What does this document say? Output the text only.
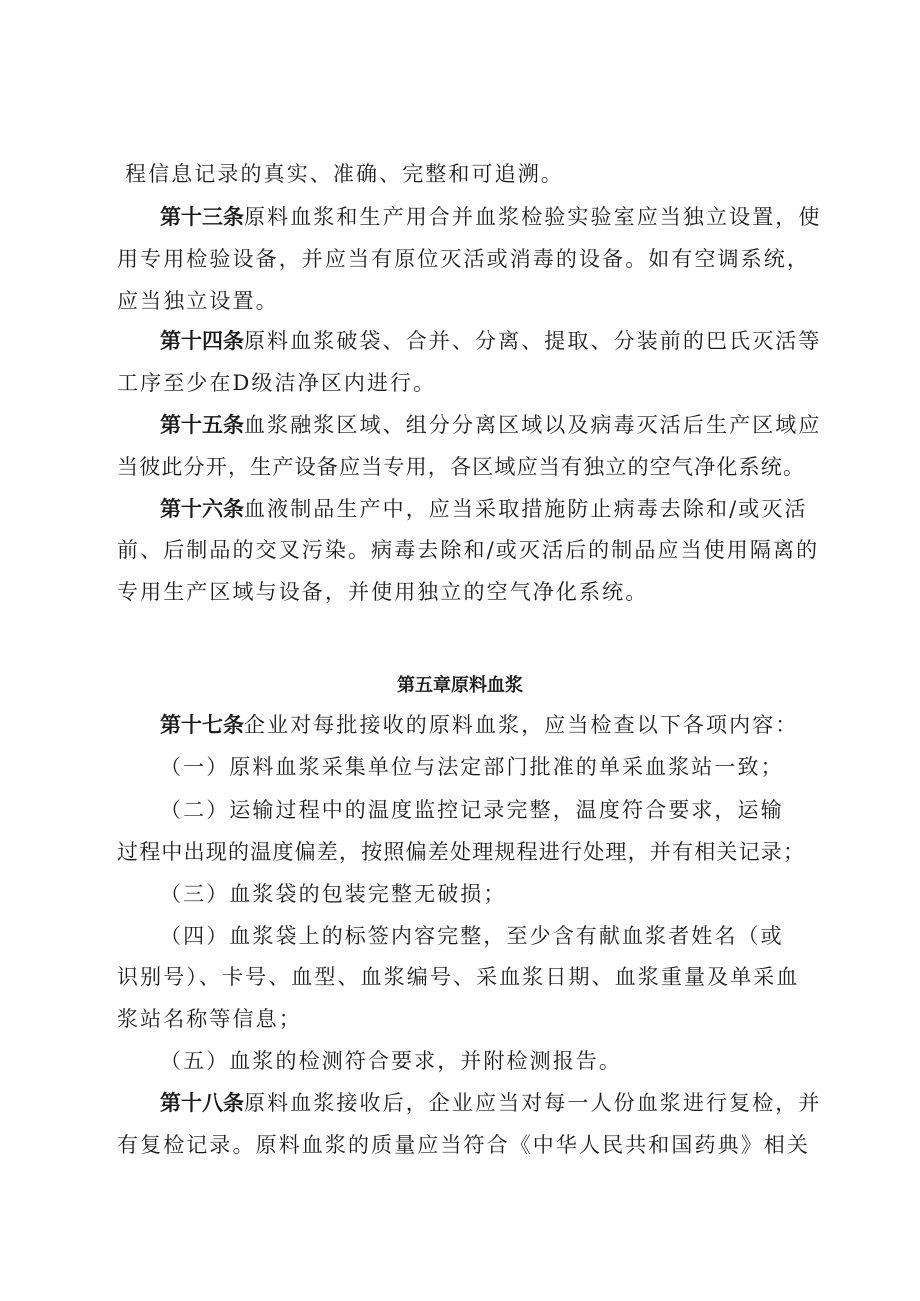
程信息记录的真实、准确、完整和可追溯。
第十三条原料血浆和生产用合并血浆检验实验室应当独立设置，使
用专用检验设备，并应当有原位灭活或消毒的设备。如有空调系统，
应当独立设置。
第十四条原料血浆破袋、合并、分离、提取、分装前的巴氏灭活等
工序至少在D级洁净区内进行。
第十五条血浆融浆区域、组分分离区域以及病毒灭活后生产区域应
当彼此分开，生产设备应当专用，各区域应当有独立的空气净化系统。
第十六条血液制品生产中，应当采取措施防止病毒去除和/或灭活
前、后制品的交叉污染。病毒去除和/或灭活后的制品应当使用隔离的
专用生产区域与设备，并使用独立的空气净化系统。
第五章原料血浆
第十七条企业对每批接收的原料血浆，应当检查以下各项内容：
（一）原料血浆采集单位与法定部门批准的单采血浆站一致；
（二）运输过程中的温度监控记录完整，温度符合要求，运输
过程中出现的温度偏差，按照偏差处理规程进行处理，并有相关记录；
（三）血浆袋的包装完整无破损；
（四）血浆袋上的标签内容完整，至少含有献血浆者姓名（或
识别号）、卡号、血型、血浆编号、采血浆日期、血浆重量及单采血
浆站名称等信息；
（五）血浆的检测符合要求，并附检测报告。
第十八条原料血浆接收后，企业应当对每一人份血浆进行复检，并
有复检记录。原料血浆的质量应当符合《中华人民共和国药典》相关
